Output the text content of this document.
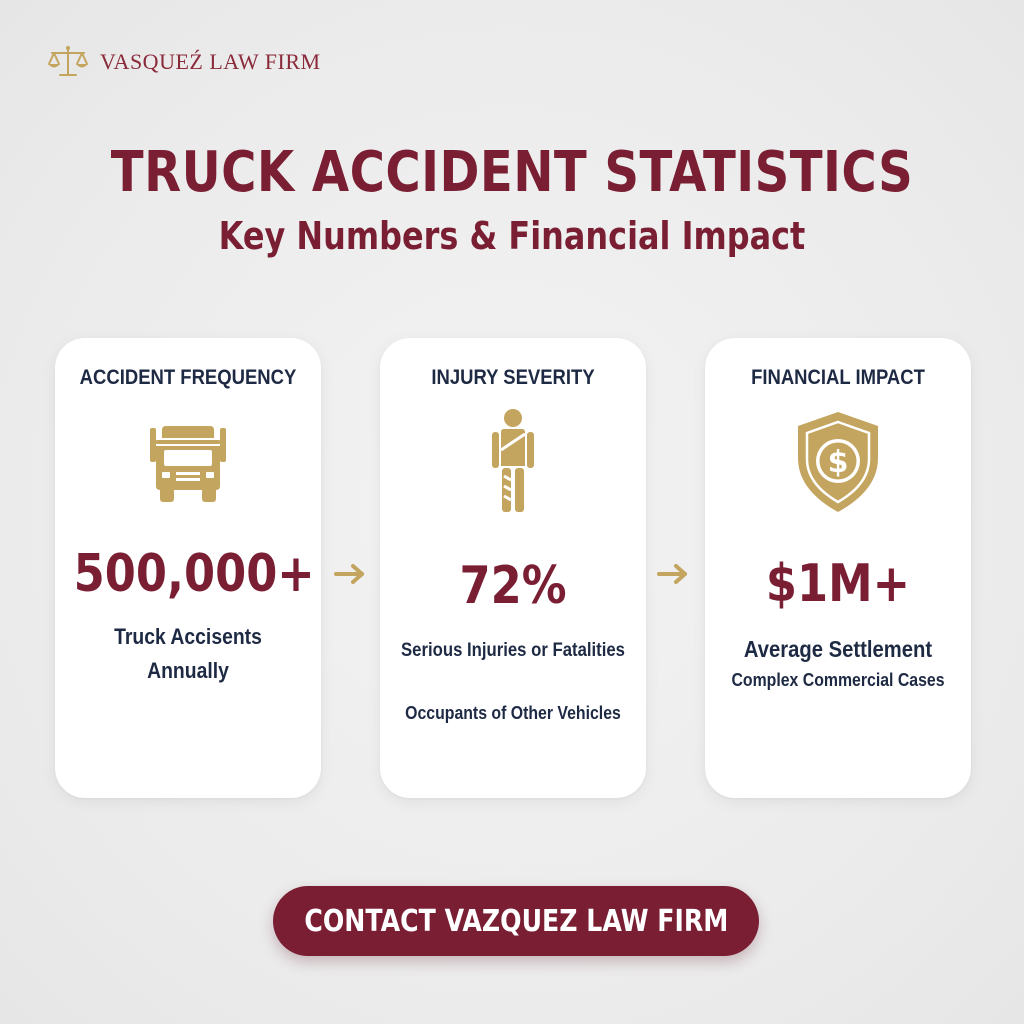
VASQUEŹ LAW FIRM
TRUCK ACCIDENT STATISTICS
Key Numbers & Financial Impact
ACCIDENT FREQUENCY
500,000+
Truck Accisents
Annually
INJURY SEVERITY
72%
Serious Injuries or Fatalities
Occupants of Other Vehicles
FINANCIAL IMPACT
$
$1M+
Average Settlement
Complex Commercial Cases
CONTACT VAZQUEZ LAW FIRM
